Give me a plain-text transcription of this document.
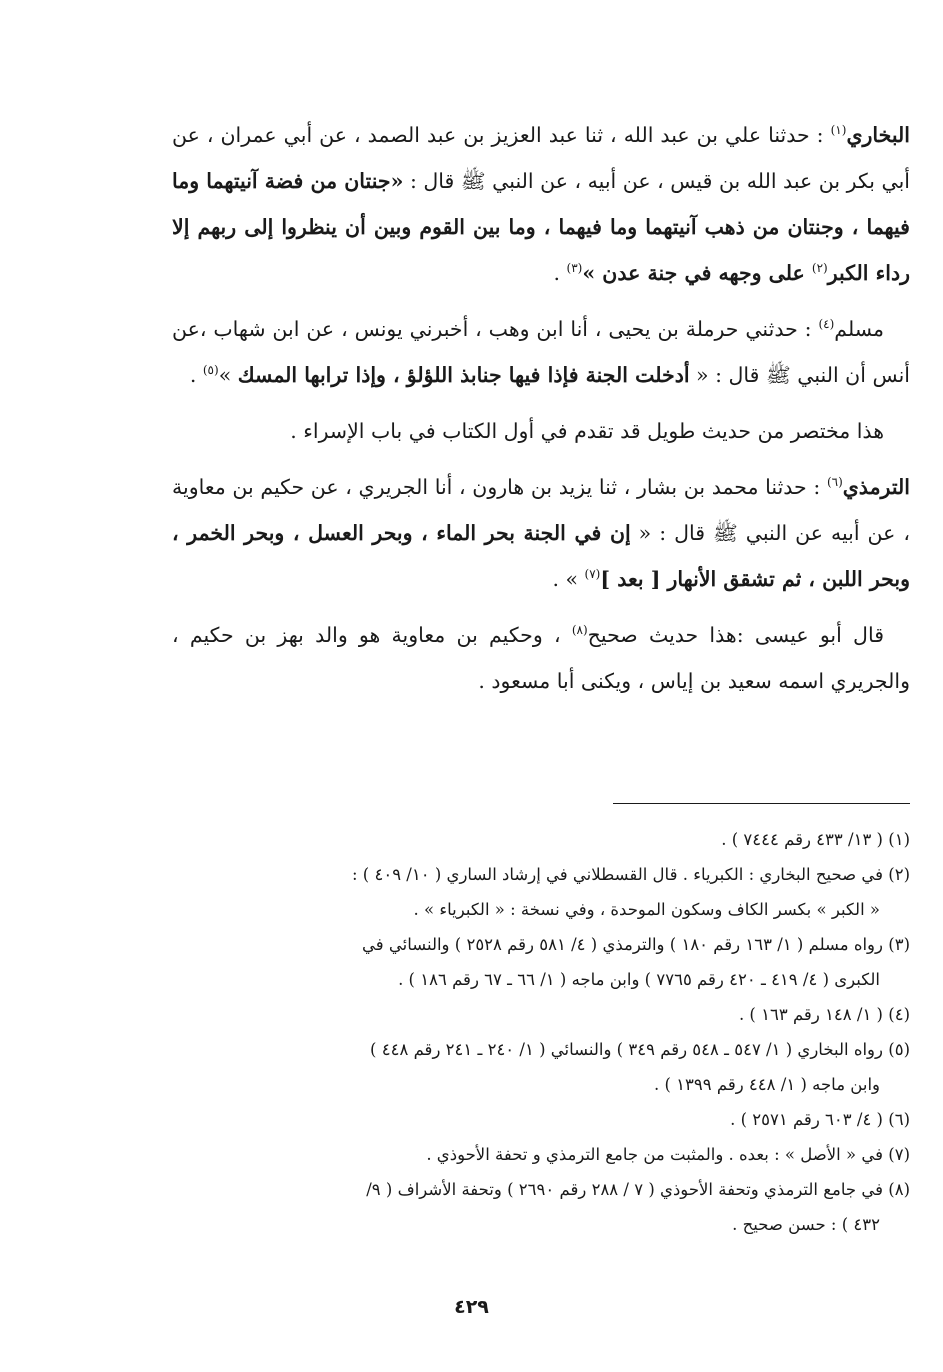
البخاري$^{(١)}$ : حدثنا علي بن عبد الله ، ثنا عبد العزيز بن عبد الصمد ، عن أبي عمران ، عن أبي بكر بن عبد الله بن قيس ، عن أبيه ، عن النبي ﷺ قال : «جنتان من فضة آنيتهما وما فيهما ، وجنتان من ذهب آنيتهما وما فيهما ، وما بين القوم وبين أن ينظروا إلى ربهم إلا رداء الكبر$^{(٢)}$ على وجهه في جنة عدن »$^{(٣)}$ .

مسلم$^{(٤)}$ : حدثني حرملة بن يحيى ، أنا ابن وهب ، أخبرني يونس ، عن ابن شهاب ،عن أنس أن النبي ﷺ قال : « أدخلت الجنة فإذا فيها جنابذ اللؤلؤ ، وإذا ترابها المسك »$^{(٥)}$ .

هذا مختصر من حديث طويل قد تقدم في أول الكتاب في باب الإسراء .

الترمذي$^{(٦)}$ : حدثنا محمد بن بشار ، ثنا يزيد بن هارون ، أنا الجريري ، عن حكيم بن معاوية ، عن أبيه عن النبي ﷺ قال : « إن في الجنة بحر الماء ، وبحر العسل ، وبحر الخمر ، وبحر اللبن ، ثم تشقق الأنهار [ بعد ]$^{(٧)}$ » .

قال أبو عيسى :هذا حديث صحيح$^{(٨)}$ ، وحكيم بن معاوية هو والد بهز بن حكيم ، والجريري اسمه سعيد بن إياس ، ويكنى أبا مسعود .

(١) ( ١٣/ ٤٣٣ رقم ٧٤٤٤ ) .
(٢) في صحيح البخاري : الكبرياء . قال القسطلاني في إرشاد الساري ( ١٠/ ٤٠٩ ) :
« الكبر » بكسر الكاف وسكون الموحدة ، وفي نسخة : « الكبرياء » .
(٣) رواه مسلم ( ١/ ١٦٣ رقم ١٨٠ ) والترمذي ( ٤/ ٥٨١ رقم ٢٥٢٨ ) والنسائي في
الكبرى ( ٤/ ٤١٩ ـ ٤٢٠ رقم ٧٧٦٥ ) وابن ماجه ( ١/ ٦٦ ـ ٦٧ رقم ١٨٦ ) .
(٤) ( ١/ ١٤٨ رقم ١٦٣ ) .
(٥) رواه البخاري ( ١/ ٥٤٧ ـ ٥٤٨ رقم ٣٤٩ ) والنسائي ( ١/ ٢٤٠ ـ ٢٤١ رقم ٤٤٨ )
وابن ماجه ( ١/ ٤٤٨ رقم ١٣٩٩ ) .
(٦) ( ٤/ ٦٠٣ رقم ٢٥٧١ ) .
(٧) في « الأصل » : بعده . والمثبت من جامع الترمذي و تحفة الأحوذي .
(٨) في جامع الترمذي وتحفة الأحوذي ( ٧ / ٢٨٨ رقم ٢٦٩٠ ) وتحفة الأشراف ( ٩/
٤٣٢ ) : حسن صحيح .
٤٢٩
